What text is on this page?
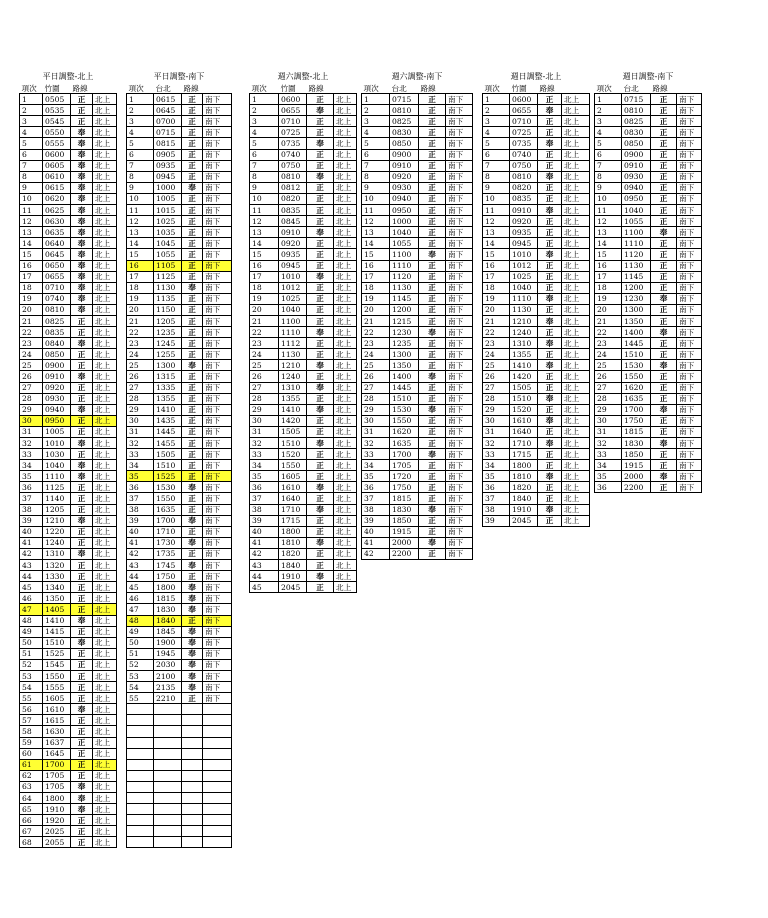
平日調整-北上
項次	竹圍	路線	
1	0505	正	北上
2	0535	正	北上
3	0545	正	北上
4	0550	奉	北上
5	0555	奉	北上
6	0600	奉	北上
7	0605	奉	北上
8	0610	奉	北上
9	0615	奉	北上
10	0620	奉	北上
11	0625	奉	北上
12	0630	奉	北上
13	0635	奉	北上
14	0640	奉	北上
15	0645	奉	北上
16	0650	奉	北上
17	0655	奉	北上
18	0710	奉	北上
19	0740	奉	北上
20	0810	奉	北上
21	0825	正	北上
22	0835	正	北上
23	0840	奉	北上
24	0850	正	北上
25	0900	正	北上
26	0910	奉	北上
27	0920	正	北上
28	0930	正	北上
29	0940	奉	北上
30	0950	正	北上
31	1005	正	北上
32	1010	奉	北上
33	1030	正	北上
34	1040	奉	北上
35	1110	奉	北上
36	1125	正	北上
37	1140	正	北上
38	1205	正	北上
39	1210	奉	北上
40	1220	正	北上
41	1240	正	北上
42	1310	奉	北上
43	1320	正	北上
44	1330	正	北上
45	1340	正	北上
46	1350	正	北上
47	1405	正	北上
48	1410	奉	北上
49	1415	正	北上
50	1510	奉	北上
51	1525	正	北上
52	1545	正	北上
53	1550	正	北上
54	1555	正	北上
55	1605	正	北上
56	1610	奉	北上
57	1615	正	北上
58	1630	正	北上
59	1637	正	北上
60	1645	正	北上
61	1700	正	北上
62	1705	正	北上
63	1705	奉	北上
64	1800	奉	北上
65	1910	奉	北上
66	1920	正	北上
67	2025	正	北上
68	2055	正	北上
平日調整-南下
項次	台北	路線	
1	0615	正	南下
2	0645	正	南下
3	0700	正	南下
4	0715	正	南下
5	0815	正	南下
6	0905	正	南下
7	0935	正	南下
8	0945	正	南下
9	1000	奉	南下
10	1005	正	南下
11	1015	正	南下
12	1025	正	南下
13	1035	正	南下
14	1045	正	南下
15	1055	正	南下
16	1105	正	南下
17	1125	正	南下
18	1130	奉	南下
19	1135	正	南下
20	1150	正	南下
21	1205	正	南下
22	1235	正	南下
23	1245	正	南下
24	1255	正	南下
25	1300	奉	南下
26	1315	正	南下
27	1335	正	南下
28	1355	正	南下
29	1410	正	南下
30	1435	正	南下
31	1445	正	南下
32	1455	正	南下
33	1505	正	南下
34	1510	正	南下
35	1525	正	南下
36	1530	奉	南下
37	1550	正	南下
38	1635	正	南下
39	1700	奉	南下
40	1710	正	南下
41	1730	奉	南下
42	1735	正	南下
43	1745	奉	南下
44	1750	正	南下
45	1800	奉	南下
46	1815	奉	南下
47	1830	奉	南下
48	1840	正	南下
49	1845	奉	南下
50	1900	奉	南下
51	1945	奉	南下
52	2030	奉	南下
53	2100	奉	南下
54	2135	奉	南下
55	2210	正	南下

週六調整-北上
項次	竹圍	路線	
1	0600	正	北上
2	0655	奉	北上
3	0710	正	北上
4	0725	正	北上
5	0735	奉	北上
6	0740	正	北上
7	0750	正	北上
8	0810	奉	北上
9	0812	正	北上
10	0820	正	北上
11	0835	正	北上
12	0845	正	北上
13	0910	奉	北上
14	0920	正	北上
15	0935	正	北上
16	0945	正	北上
17	1010	奉	北上
18	1012	正	北上
19	1025	正	北上
20	1040	正	北上
21	1100	正	北上
22	1110	奉	北上
23	1112	正	北上
24	1130	正	北上
25	1210	奉	北上
26	1240	正	北上
27	1310	奉	北上
28	1355	正	北上
29	1410	奉	北上
30	1420	正	北上
31	1505	正	北上
32	1510	奉	北上
33	1520	正	北上
34	1550	正	北上
35	1605	正	北上
36	1610	奉	北上
37	1640	正	北上
38	1710	奉	北上
39	1715	正	北上
40	1800	正	北上
41	1810	奉	北上
42	1820	正	北上
43	1840	正	北上
44	1910	奉	北上
45	2045	正	北上
週六調整-南下
項次	台北	路線	
1	0715	正	南下
2	0810	正	南下
3	0825	正	南下
4	0830	正	南下
5	0850	正	南下
6	0900	正	南下
7	0910	正	南下
8	0920	正	南下
9	0930	正	南下
10	0940	正	南下
11	0950	正	南下
12	1000	正	南下
13	1040	正	南下
14	1055	正	南下
15	1100	奉	南下
16	1110	正	南下
17	1120	正	南下
18	1130	正	南下
19	1145	正	南下
20	1200	正	南下
21	1215	正	南下
22	1230	奉	南下
23	1235	正	南下
24	1300	正	南下
25	1350	正	南下
26	1400	奉	南下
27	1445	正	南下
28	1510	正	南下
29	1530	奉	南下
30	1550	正	南下
31	1620	正	南下
32	1635	正	南下
33	1700	奉	南下
34	1705	正	南下
35	1720	正	南下
36	1750	正	南下
37	1815	正	南下
38	1830	奉	南下
39	1850	正	南下
40	1915	正	南下
41	2000	奉	南下
42	2200	正	南下
週日調整-北上
項次	竹圍	路線	
1	0600	正	北上
2	0655	奉	北上
3	0710	正	北上
4	0725	正	北上
5	0735	奉	北上
6	0740	正	北上
7	0750	正	北上
8	0810	奉	北上
9	0820	正	北上
10	0835	正	北上
11	0910	奉	北上
12	0920	正	北上
13	0935	正	北上
14	0945	正	北上
15	1010	奉	北上
16	1012	正	北上
17	1025	正	北上
18	1040	正	北上
19	1110	奉	北上
20	1130	正	北上
21	1210	奉	北上
22	1240	正	北上
23	1310	奉	北上
24	1355	正	北上
25	1410	奉	北上
26	1420	正	北上
27	1505	正	北上
28	1510	奉	北上
29	1520	正	北上
30	1610	奉	北上
31	1640	正	北上
32	1710	奉	北上
33	1715	正	北上
34	1800	正	北上
35	1810	奉	北上
36	1820	正	北上
37	1840	正	北上
38	1910	奉	北上
39	2045	正	北上
週日調整-南下
項次	台北	路線	
1	0715	正	南下
2	0810	正	南下
3	0825	正	南下
4	0830	正	南下
5	0850	正	南下
6	0900	正	南下
7	0910	正	南下
8	0930	正	南下
9	0940	正	南下
10	0950	正	南下
11	1040	正	南下
12	1055	正	南下
13	1100	奉	南下
14	1110	正	南下
15	1120	正	南下
16	1130	正	南下
17	1145	正	南下
18	1200	正	南下
19	1230	奉	南下
20	1300	正	南下
21	1350	正	南下
22	1400	奉	南下
23	1445	正	南下
24	1510	正	南下
25	1530	奉	南下
26	1550	正	南下
27	1620	正	南下
28	1635	正	南下
29	1700	奉	南下
30	1750	正	南下
31	1815	正	南下
32	1830	奉	南下
33	1850	正	南下
34	1915	正	南下
35	2000	奉	南下
36	2200	正	南下
